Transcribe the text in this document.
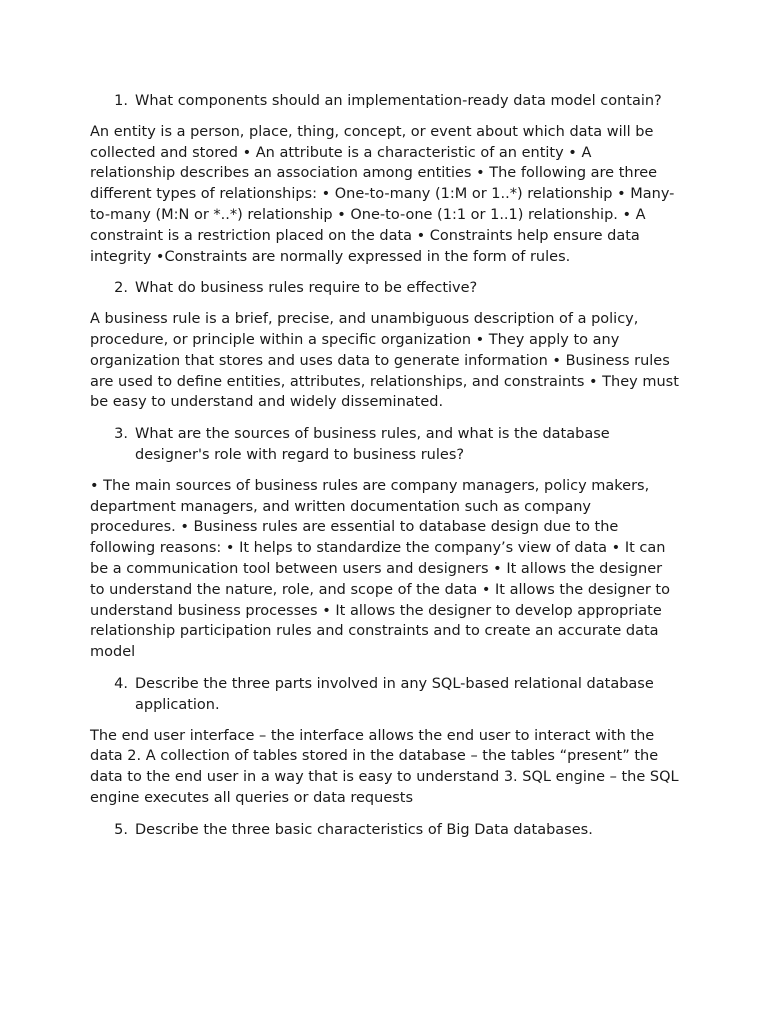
1. What components should an implementation-ready data model contain?

An entity is a person, place, thing, concept, or event about which data will be collected and stored • An attribute is a characteristic of an entity • A relationship describes an association among entities • The following are three different types of relationships: • One-to-many (1:M or 1..*) relationship • Many-to-many (M:N or *..*) relationship • One-to-one (1:1 or 1..1) relationship. • A constraint is a restriction placed on the data • Constraints help ensure data integrity •Constraints are normally expressed in the form of rules.

2. What do business rules require to be effective?

A business rule is a brief, precise, and unambiguous description of a policy, procedure, or principle within a specific organization • They apply to any organization that stores and uses data to generate information • Business rules are used to define entities, attributes, relationships, and constraints • They must be easy to understand and widely disseminated.

3. What are the sources of business rules, and what is the database designer's role with regard to business rules?

• The main sources of business rules are company managers, policy makers, department managers, and written documentation such as company procedures. • Business rules are essential to database design due to the following reasons: • It helps to standardize the company’s view of data • It can be a communication tool between users and designers • It allows the designer to understand the nature, role, and scope of the data • It allows the designer to understand business processes • It allows the designer to develop appropriate relationship participation rules and constraints and to create an accurate data model

4. Describe the three parts involved in any SQL-based relational database application.

The end user interface – the interface allows the end user to interact with the data 2. A collection of tables stored in the database – the tables “present” the data to the end user in a way that is easy to understand 3. SQL engine – the SQL engine executes all queries or data requests

5. Describe the three basic characteristics of Big Data databases.
